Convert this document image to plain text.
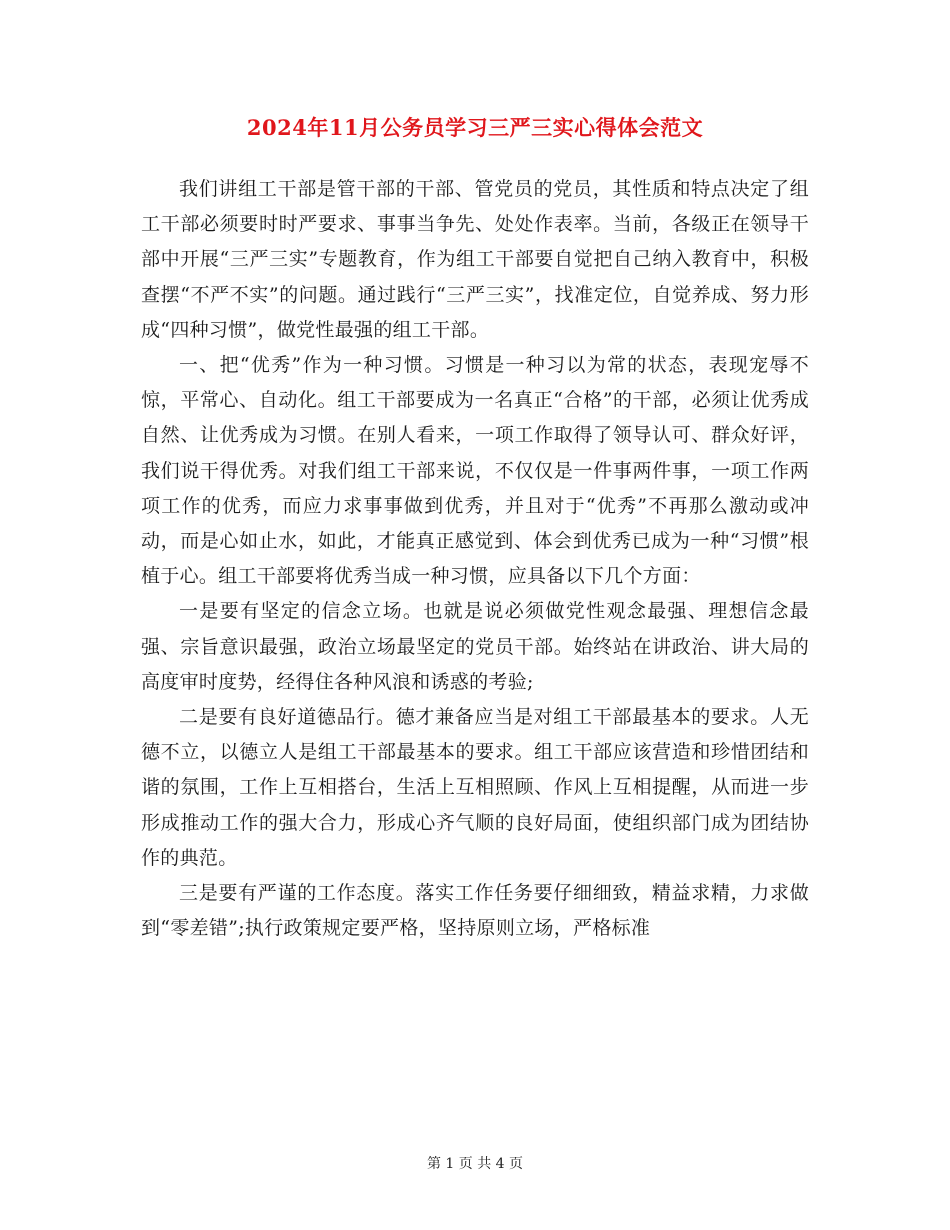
2024年11月公务员学习三严三实心得体会范文

我们讲组工干部是管干部的干部、管党员的党员，其性质和特点决定了组工干部必须要时时严要求、事事当争先、处处作表率。当前，各级正在领导干部中开展“三严三实”专题教育，作为组工干部要自觉把自己纳入教育中，积极查摆“不严不实”的问题。通过践行“三严三实”，找准定位，自觉养成、努力形成“四种习惯”，做党性最强的组工干部。

一、把“优秀”作为一种习惯。习惯是一种习以为常的状态，表现宠辱不惊，平常心、自动化。组工干部要成为一名真正“合格”的干部，必须让优秀成自然、让优秀成为习惯。在别人看来，一项工作取得了领导认可、群众好评，我们说干得优秀。对我们组工干部来说，不仅仅是一件事两件事，一项工作两项工作的优秀，而应力求事事做到优秀，并且对于“优秀”不再那么激动或冲动，而是心如止水，如此，才能真正感觉到、体会到优秀已成为一种“习惯”根植于心。组工干部要将优秀当成一种习惯，应具备以下几个方面：

一是要有坚定的信念立场。也就是说必须做党性观念最强、理想信念最强、宗旨意识最强，政治立场最坚定的党员干部。始终站在讲政治、讲大局的高度审时度势，经得住各种风浪和诱惑的考验;

二是要有良好道德品行。德才兼备应当是对组工干部最基本的要求。人无德不立，以德立人是组工干部最基本的要求。组工干部应该营造和珍惜团结和谐的氛围，工作上互相搭台，生活上互相照顾、作风上互相提醒，从而进一步形成推动工作的强大合力，形成心齐气顺的良好局面，使组织部门成为团结协作的典范。

三是要有严谨的工作态度。落实工作任务要仔细细致，精益求精，力求做到“零差错”;执行政策规定要严格，坚持原则立场，严格标准

第 1 页 共 4 页
